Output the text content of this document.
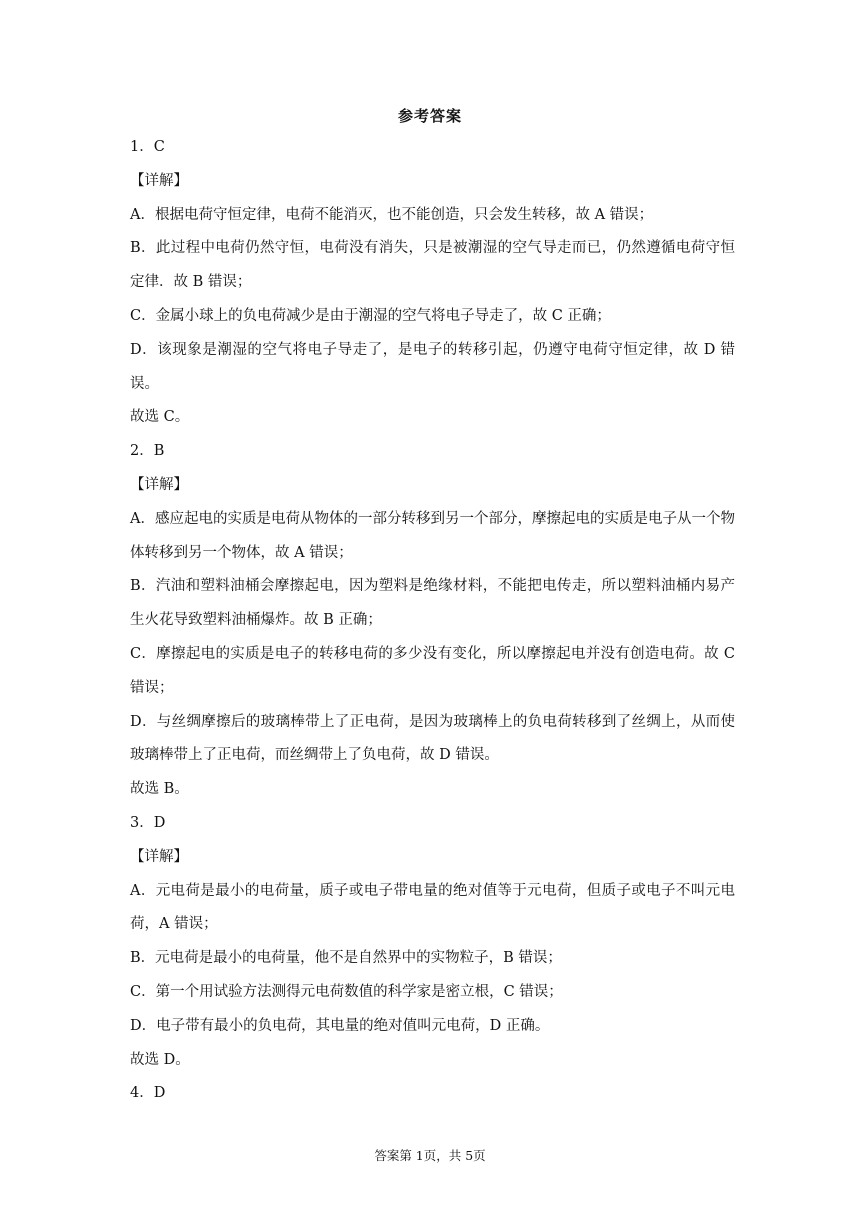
参考答案

1．C

【详解】

A．根据电荷守恒定律，电荷不能消灭，也不能创造，只会发生转移，故 A 错误；

B．此过程中电荷仍然守恒，电荷没有消失，只是被潮湿的空气导走而已，仍然遵循电荷守恒定律．故 B 错误；

C．金属小球上的负电荷减少是由于潮湿的空气将电子导走了，故 C 正确；

D．该现象是潮湿的空气将电子导走了，是电子的转移引起，仍遵守电荷守恒定律，故 D 错误。

故选 C。

2．B

【详解】

A．感应起电的实质是电荷从物体的一部分转移到另一个部分，摩擦起电的实质是电子从一个物体转移到另一个物体，故 A 错误；

B．汽油和塑料油桶会摩擦起电，因为塑料是绝缘材料，不能把电传走，所以塑料油桶内易产生火花导致塑料油桶爆炸。故 B 正确；

C．摩擦起电的实质是电子的转移电荷的多少没有变化，所以摩擦起电并没有创造电荷。故 C 错误；

D．与丝绸摩擦后的玻璃棒带上了正电荷，是因为玻璃棒上的负电荷转移到了丝绸上，从而使玻璃棒带上了正电荷，而丝绸带上了负电荷，故 D 错误。

故选 B。

3．D

【详解】

A．元电荷是最小的电荷量，质子或电子带电量的绝对值等于元电荷，但质子或电子不叫元电荷，A 错误；

B．元电荷是最小的电荷量，他不是自然界中的实物粒子，B 错误；

C．第一个用试验方法测得元电荷数值的科学家是密立根，C 错误；

D．电子带有最小的负电荷，其电量的绝对值叫元电荷，D 正确。

故选 D。

4．D

答案第 1页，共 5页
